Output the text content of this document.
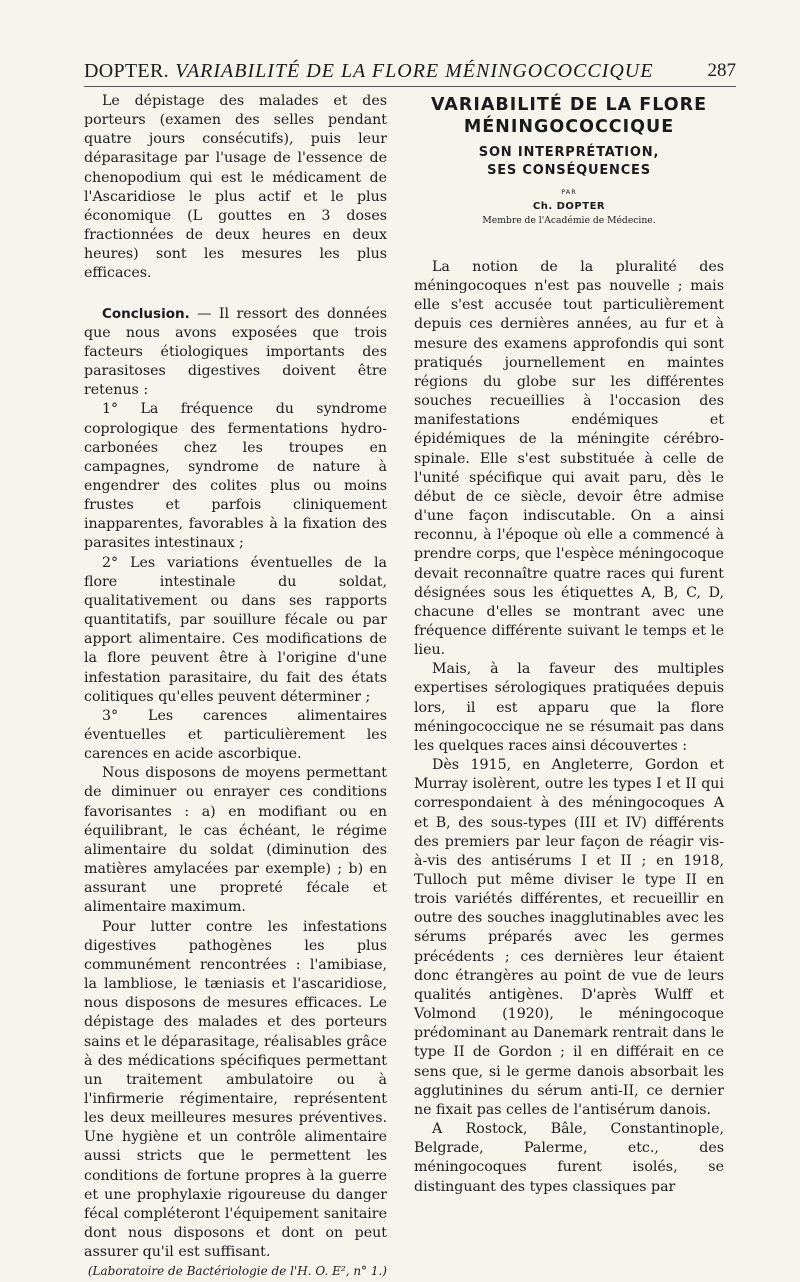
DOPTER. VARIABILITÉ DE LA FLORE MÉNINGOCOCCIQUE	287

Le dépistage des malades et des porteurs (examen des selles pendant quatre jours consécutifs), puis leur déparasitage par l'usage de l'essence de chenopodium qui est le médicament de l'Ascaridiose le plus actif et le plus économique (L gouttes en 3 doses fractionnées de deux heures en deux heures) sont les mesures les plus efficaces.

Conclusion. — Il ressort des données que nous avons exposées que trois facteurs étiologiques importants des parasitoses digestives doivent être retenus :

1° La fréquence du syndrome coprologique des fermentations hydro-carbonées chez les troupes en campagnes, syndrome de nature à engendrer des colites plus ou moins frustes et parfois cliniquement inapparentes, favorables à la fixation des parasites intestinaux ;

2° Les variations éventuelles de la flore intestinale du soldat, qualitativement ou dans ses rapports quantitatifs, par souillure fécale ou par apport alimentaire. Ces modifications de la flore peuvent être à l'origine d'une infestation parasitaire, du fait des états colitiques qu'elles peuvent déterminer ;

3° Les carences alimentaires éventuelles et particulièrement les carences en acide ascorbique.

Nous disposons de moyens permettant de diminuer ou enrayer ces conditions favorisantes : a) en modifiant ou en équilibrant, le cas échéant, le régime alimentaire du soldat (diminution des matières amylacées par exemple) ; b) en assurant une propreté fécale et alimentaire maximum.

Pour lutter contre les infestations digestives pathogènes les plus communément rencontrées : l'amibiase, la lambliose, le tæniasis et l'ascaridiose, nous disposons de mesures efficaces. Le dépistage des malades et des porteurs sains et le déparasitage, réalisables grâce à des médications spécifiques permettant un traitement ambulatoire ou à l'infirmerie régimentaire, représentent les deux meilleures mesures préventives. Une hygiène et un contrôle alimentaire aussi stricts que le permettent les conditions de fortune propres à la guerre et une prophylaxie rigoureuse du danger fécal compléteront l'équipement sanitaire dont nous disposons et dont on peut assurer qu'il est suffisant.

(Laboratoire de Bactériologie de l'H. O. E², n° 1.)

VARIABILITÉ DE LA FLORE

MÉNINGOCOCCIQUE

SON INTERPRÉTATION,

SES CONSÉQUENCES

PAR

Ch. DOPTER

Membre de l'Académie de Médecine.

La notion de la pluralité des méningocoques n'est pas nouvelle ; mais elle s'est accusée tout particulièrement depuis ces dernières années, au fur et à mesure des examens approfondis qui sont pratiqués journellement en maintes régions du globe sur les différentes souches recueillies à l'occasion des manifestations endémiques et épidémiques de la méningite cérébro-spinale. Elle s'est substituée à celle de l'unité spécifique qui avait paru, dès le début de ce siècle, devoir être admise d'une façon indiscutable. On a ainsi reconnu, à l'époque où elle a commencé à prendre corps, que l'espèce méningocoque devait reconnaître quatre races qui furent désignées sous les étiquettes A, B, C, D, chacune d'elles se montrant avec une fréquence différente suivant le temps et le lieu.

Mais, à la faveur des multiples expertises sérologiques pratiquées depuis lors, il est apparu que la flore méningococcique ne se résumait pas dans les quelques races ainsi découvertes :

Dès 1915, en Angleterre, Gordon et Murray isolèrent, outre les types I et II qui correspondaient à des méningocoques A et B, des sous-types (III et IV) différents des premiers par leur façon de réagir vis-à-vis des antisérums I et II ; en 1918, Tulloch put même diviser le type II en trois variétés différentes, et recueillir en outre des souches inagglutinables avec les sérums préparés avec les germes précédents ; ces dernières leur étaient donc étrangères au point de vue de leurs qualités antigènes. D'après Wulff et Volmond (1920), le méningocoque prédominant au Danemark rentrait dans le type II de Gordon ; il en différait en ce sens que, si le germe danois absorbait les agglutinines du sérum anti-II, ce dernier ne fixait pas celles de l'antisérum danois.

A Rostock, Bâle, Constantinople, Belgrade, Palerme, etc., des méningocoques furent isolés, se distinguant des types classiques par
